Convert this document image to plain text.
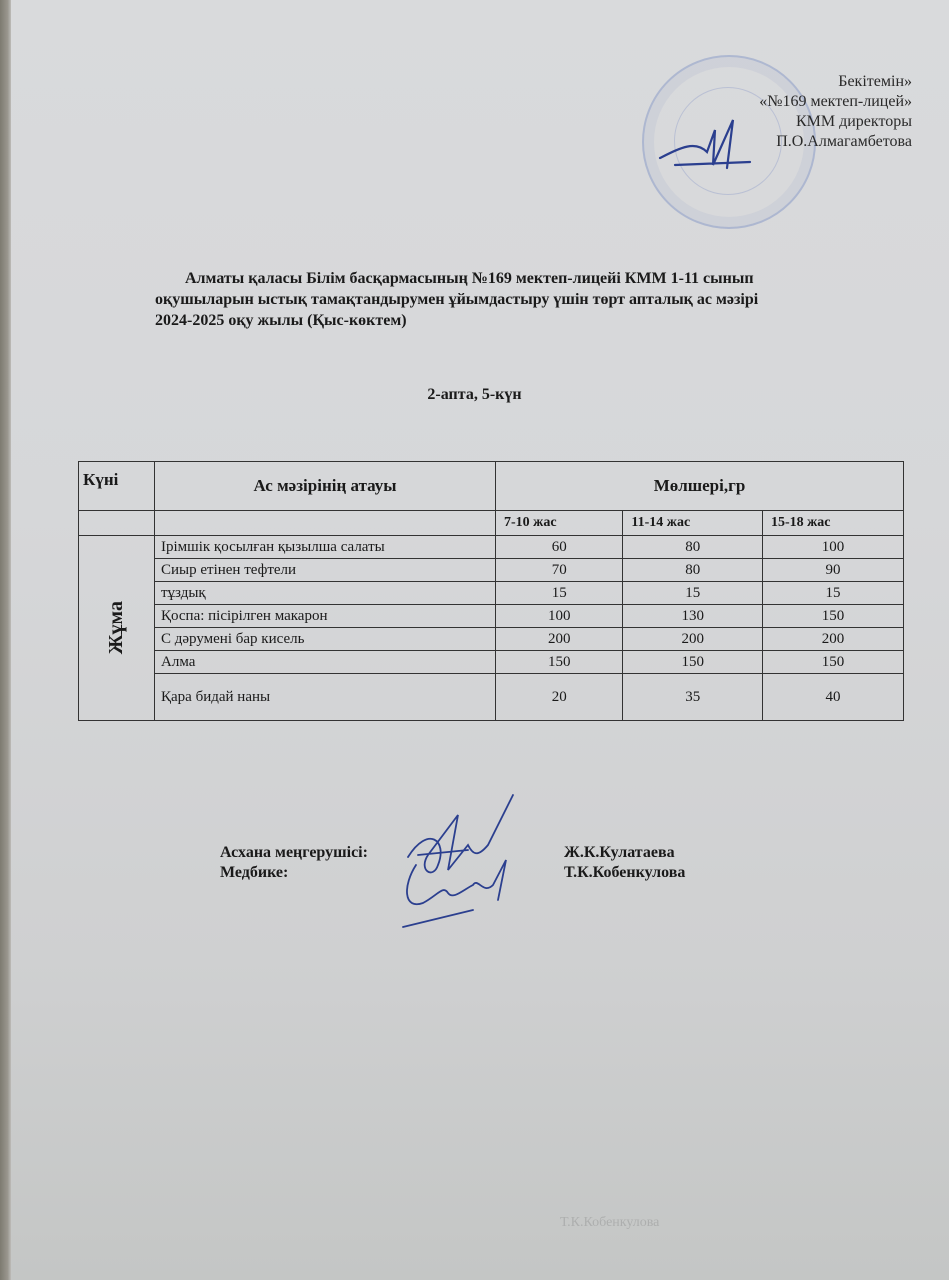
Бекітемін»
«№169 мектеп-лицей»
КММ директоры
П.О.Алмагамбетова
Алматы қаласы Білім басқармасының №169 мектеп-лицейі КММ 1-11 сынып
оқушыларын ыстық тамақтандырумен ұйымдастыру үшін төрт апталық ас мәзірі
2024-2025 оқу жылы (Қыс-көктем)
2-апта, 5-күн
Күні	Ас мәзірінің атауы	Мөлшері,гр		
		7-10 жас	11-14 жас	15-18 жас

Жұма	Ірімшік қосылған қызылша салаты	60	80	100
	Сиыр етінен тефтели	70	80	90
	тұздық	15	15	15
	Қоспа: пісірілген макарон	100	130	150
	С дәрумені бар кисель	200	200	200
	Алма	150	150	150
	Қара бидай наны	20	35	40
Асхана меңгерушісі:
Медбике:
Ж.К.Кулатаева
Т.К.Кобенкулова
Т.К.Кобенкулова
